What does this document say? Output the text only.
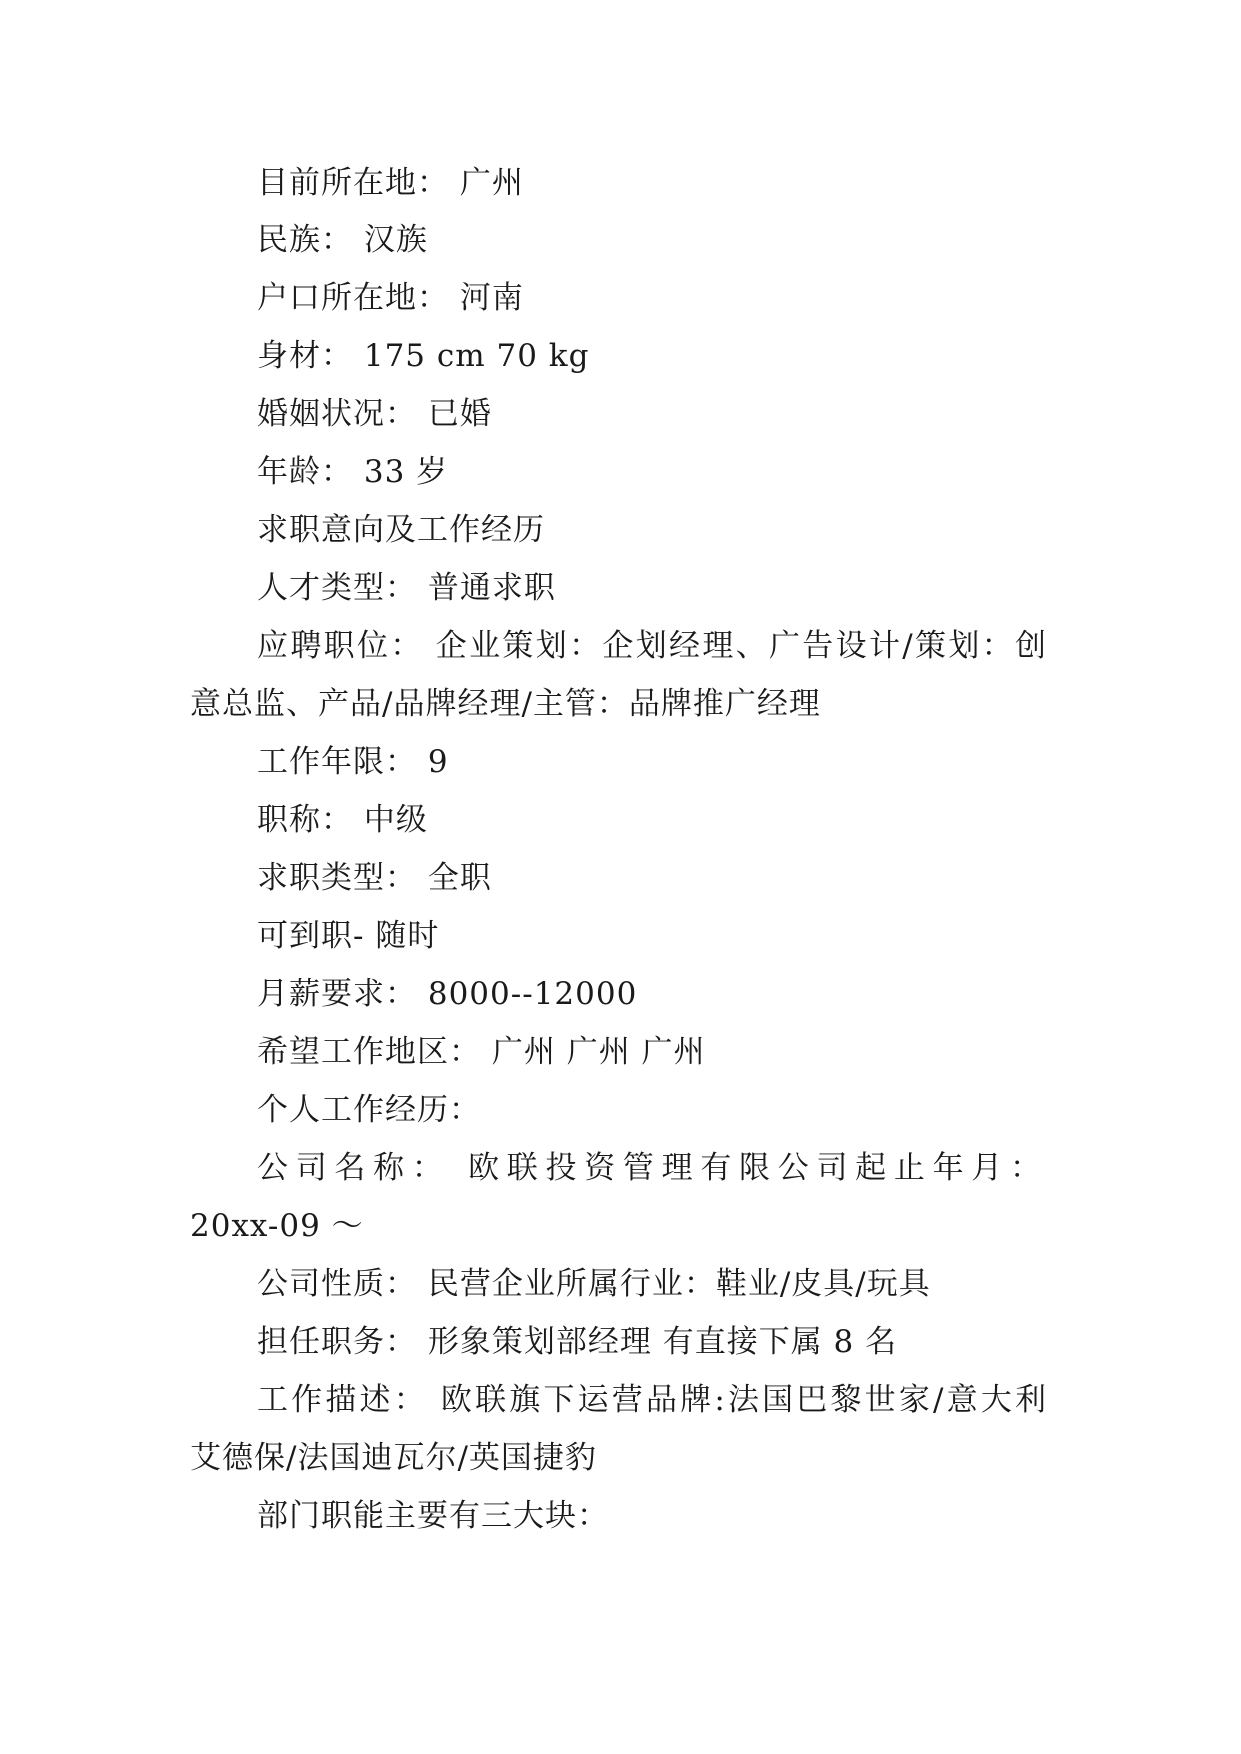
目前所在地： 广州
民族： 汉族
户口所在地： 河南
身材： 175 cm 70 kg
婚姻状况： 已婚
年龄： 33 岁
求职意向及工作经历
人才类型： 普通求职
应聘职位： 企业策划：企划经理、广告设计/策划：创
意总监、产品/品牌经理/主管：品牌推广经理
工作年限： 9
职称： 中级
求职类型： 全职
可到职- 随时
月薪要求： 8000--12000
希望工作地区： 广州 广州 广州
个人工作经历：
公司名称： 欧联投资管理有限公司起止年月：
20xx-09 ～
公司性质： 民营企业所属行业：鞋业/皮具/玩具
担任职务： 形象策划部经理 有直接下属 8 名
工作描述： 欧联旗下运营品牌:法国巴黎世家/意大利
艾德保/法国迪瓦尔/英国捷豹
部门职能主要有三大块：
